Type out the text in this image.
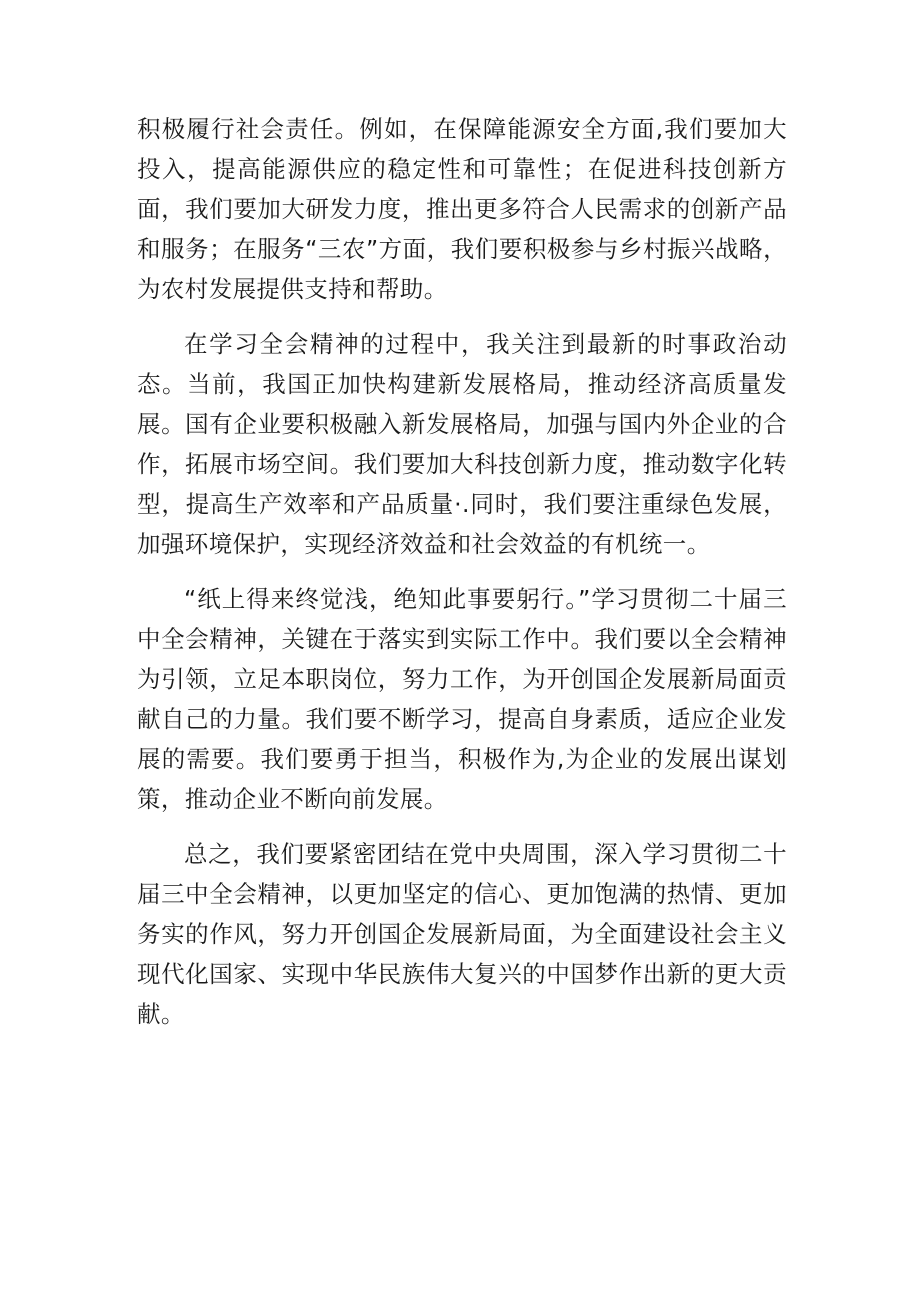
积极履行社会责任。例如，在保障能源安全方面,我们要加大投入，提高能源供应的稳定性和可靠性；在促进科技创新方面，我们要加大研发力度，推出更多符合人民需求的创新产品和服务；在服务“三农”方面，我们要积极参与乡村振兴战略，为农村发展提供支持和帮助。

在学习全会精神的过程中，我关注到最新的时事政治动态。当前，我国正加快构建新发展格局，推动经济高质量发展。国有企业要积极融入新发展格局，加强与国内外企业的合作，拓展市场空间。我们要加大科技创新力度，推动数字化转型，提高生产效率和产品质量·.同时，我们要注重绿色发展，加强环境保护，实现经济效益和社会效益的有机统一。

“纸上得来终觉浅，绝知此事要躬行。”学习贯彻二十届三中全会精神，关键在于落实到实际工作中。我们要以全会精神为引领，立足本职岗位，努力工作，为开创国企发展新局面贡献自己的力量。我们要不断学习，提高自身素质，适应企业发展的需要。我们要勇于担当，积极作为,为企业的发展出谋划策，推动企业不断向前发展。

总之，我们要紧密团结在党中央周围，深入学习贯彻二十届三中全会精神，以更加坚定的信心、更加饱满的热情、更加务实的作风，努力开创国企发展新局面，为全面建设社会主义现代化国家、实现中华民族伟大复兴的中国梦作出新的更大贡献。
